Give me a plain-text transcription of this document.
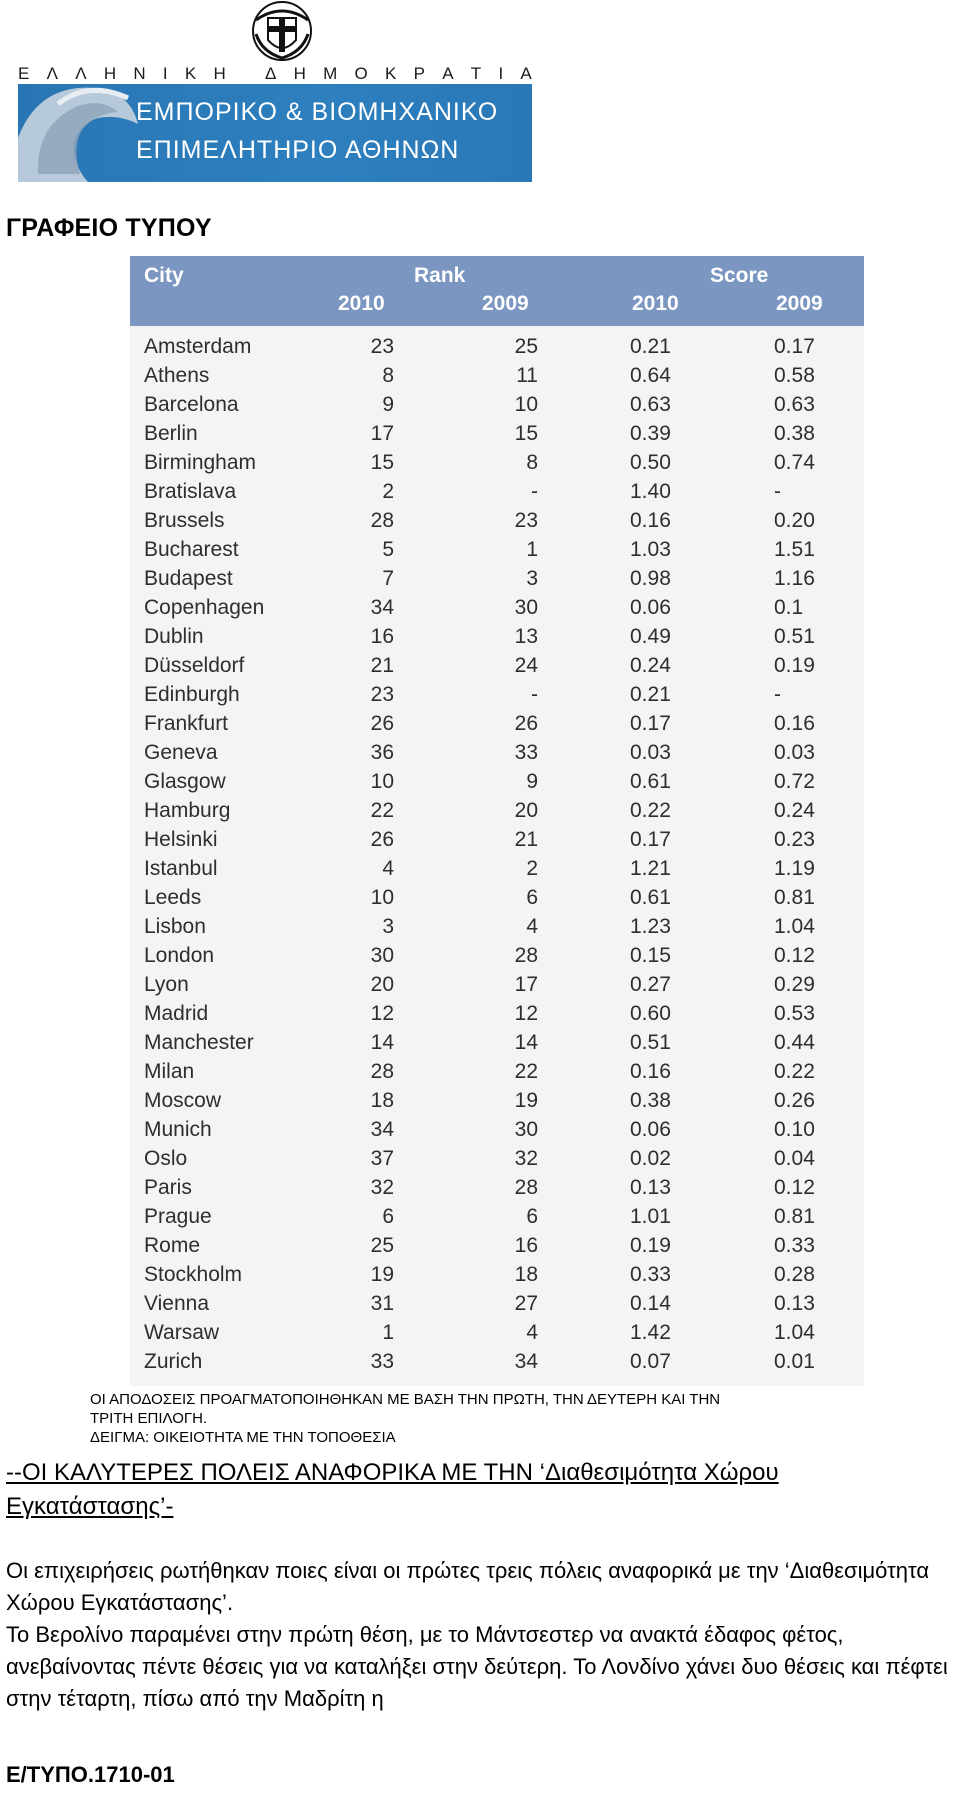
Ε Λ Λ Η Ν Ι Κ Η
Δ Η Μ Ο Κ Ρ Α Τ Ι Α
ΕΜΠΟΡΙΚΟ & ΒΙΟΜΗΧΑΝΙΚΟ
ΕΠΙΜΕΛΗΤΗΡΙΟ ΑΘΗΝΩΝ
ΓΡΑΦΕΙΟ ΤΥΠΟΥ
City	Rank	Score
2010	2009	2010	2009
Amsterdam	23	25	0.21	0.17
Athens	8	11	0.64	0.58
Barcelona	9	10	0.63	0.63
Berlin	17	15	0.39	0.38
Birmingham	15	8	0.50	0.74
Bratislava	2	-	1.40	-
Brussels	28	23	0.16	0.20
Bucharest	5	1	1.03	1.51
Budapest	7	3	0.98	1.16
Copenhagen	34	30	0.06	0.1
Dublin	16	13	0.49	0.51
Düsseldorf	21	24	0.24	0.19
Edinburgh	23	-	0.21	-
Frankfurt	26	26	0.17	0.16
Geneva	36	33	0.03	0.03
Glasgow	10	9	0.61	0.72
Hamburg	22	20	0.22	0.24
Helsinki	26	21	0.17	0.23
Istanbul	4	2	1.21	1.19
Leeds	10	6	0.61	0.81
Lisbon	3	4	1.23	1.04
London	30	28	0.15	0.12
Lyon	20	17	0.27	0.29
Madrid	12	12	0.60	0.53
Manchester	14	14	0.51	0.44
Milan	28	22	0.16	0.22
Moscow	18	19	0.38	0.26
Munich	34	30	0.06	0.10
Oslo	37	32	0.02	0.04
Paris	32	28	0.13	0.12
Prague	6	6	1.01	0.81
Rome	25	16	0.19	0.33
Stockholm	19	18	0.33	0.28
Vienna	31	27	0.14	0.13
Warsaw	1	4	1.42	1.04
Zurich	33	34	0.07	0.01
ΟΙ ΑΠΟΔΟΣΕΙΣ ΠΡΟΑΓΜΑΤΟΠΟΙΗΘΗΚΑΝ ΜΕ ΒΑΣΗ ΤΗΝ ΠΡΩΤΗ, ΤΗΝ ΔΕΥΤΕΡΗ ΚΑΙ ΤΗΝ
ΤΡΙΤΗ ΕΠΙΛΟΓΗ.
ΔΕΙΓΜΑ: ΟΙΚΕΙΟΤΗΤΑ ΜΕ ΤΗΝ ΤΟΠΟΘΕΣΙΑ
--ΟΙ ΚΑΛΥΤΕΡΕΣ ΠΟΛΕΙΣ ΑΝΑΦΟΡΙΚΑ ΜΕ ΤΗΝ ‘Διαθεσιμότητα Χώρου Εγκατάστασης’-

Οι επιχειρήσεις ρωτήθηκαν ποιες είναι οι πρώτες τρεις πόλεις αναφορικά με την ‘Διαθεσιμότητα Χώρου Εγκατάστασης’.

Το Βερολίνο παραμένει στην πρώτη θέση, με το Μάντσεστερ να ανακτά έδαφος φέτος, ανεβαίνοντας πέντε θέσεις για να καταλήξει στην δεύτερη. Το Λονδίνο χάνει δυο θέσεις και πέφτει στην τέταρτη, πίσω από την Μαδρίτη η

Ε/ΤΥΠΟ.1710-01
